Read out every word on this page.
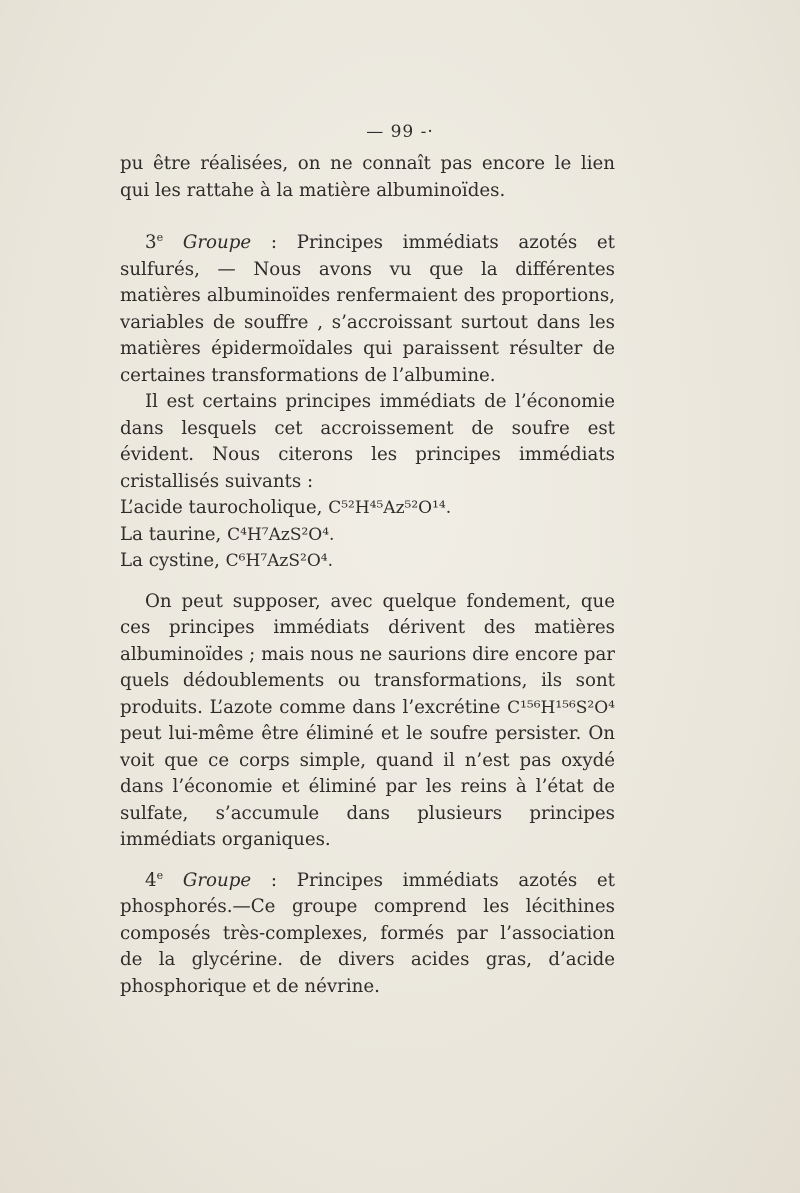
— 99 -·

pu être réalisées, on ne connaît pas encore le lien qui les rattahe à la matière albuminoïdes.

3e Groupe : Principes immédiats azotés et sulfurés, — Nous avons vu que la différentes matières albuminoïdes renfermaient des proportions, variables de souffre , s’accroissant surtout dans les matières épidermoïdales qui paraissent résulter de certaines transformations de l’albumine.

Il est certains principes immédiats de l’économie dans lesquels cet accroissement de soufre est évident. Nous citerons les principes immédiats cristallisés suivants :

L’acide taurocholique, C⁵²H⁴⁵Az⁵²O¹⁴.

La taurine, C⁴H⁷AzS²O⁴.

La cystine, C⁶H⁷AzS²O⁴.

On peut supposer, avec quelque fondement, que ces principes immédiats dérivent des matières albuminoïdes ; mais nous ne saurions dire encore par quels dédoublements ou transformations, ils sont produits. L’azote comme dans l’excrétine C¹⁵⁶H¹⁵⁶S²O⁴ peut lui-même être éliminé et le soufre persister. On voit que ce corps simple, quand il n’est pas oxydé dans l’économie et éliminé par les reins à l’état de sulfate, s’accumule dans plusieurs principes immédiats organiques.

4e Groupe : Principes immédiats azotés et phosphorés.—Ce groupe comprend les lécithines composés très-complexes, formés par l’association de la glycérine. de divers acides gras, d’acide phosphorique et de névrine.
